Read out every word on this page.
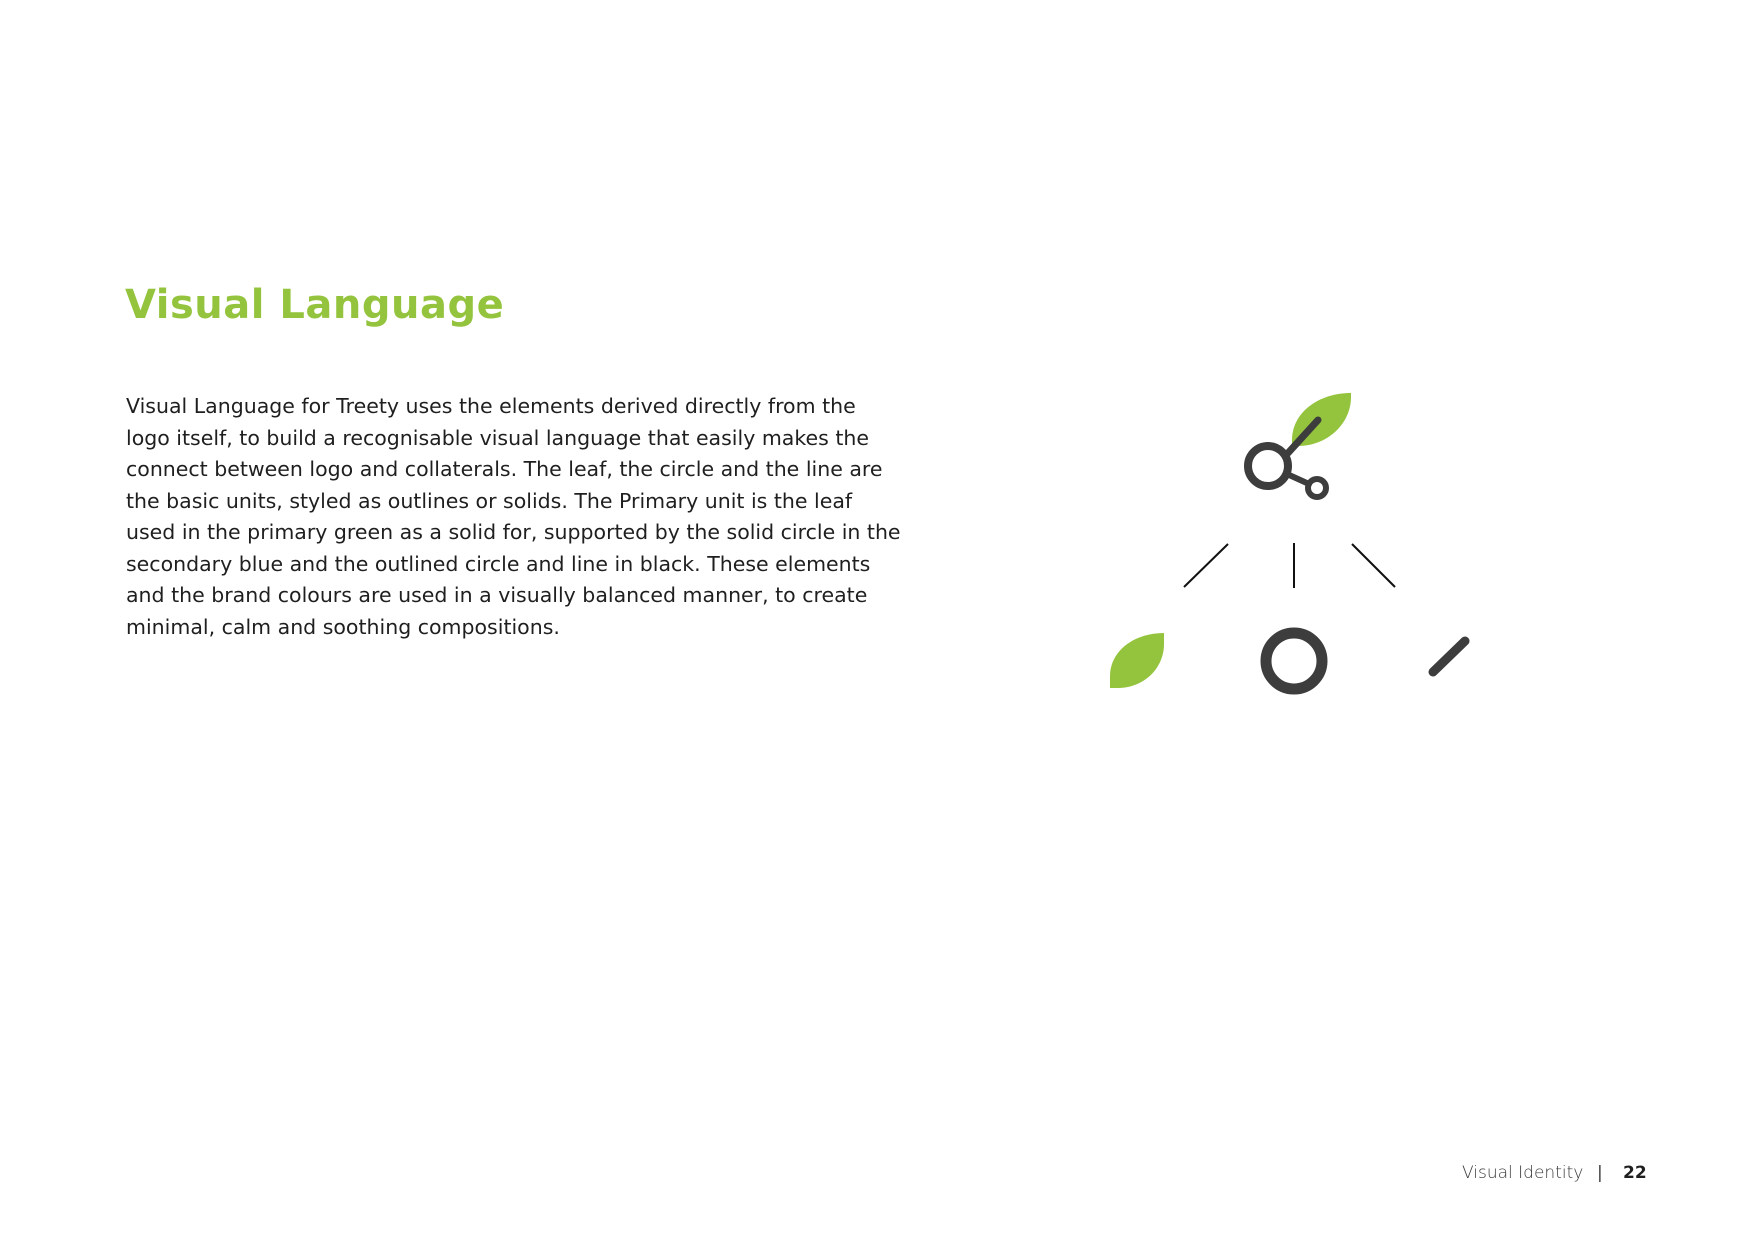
Visual Language
Visual Language for Treety uses the elements derived directly from the
logo itself, to build a recognisable visual language that easily makes the
connect between logo and collaterals. The leaf, the circle and the line are
the basic units, styled as outlines or solids. The Primary unit is the leaf
used in the primary green as a solid for, supported by the solid circle in the
secondary blue and the outlined circle and line in black. These elements
and the brand colours are used in a visually balanced manner, to create
minimal, calm and soothing compositions.
Visual Identity | 22
